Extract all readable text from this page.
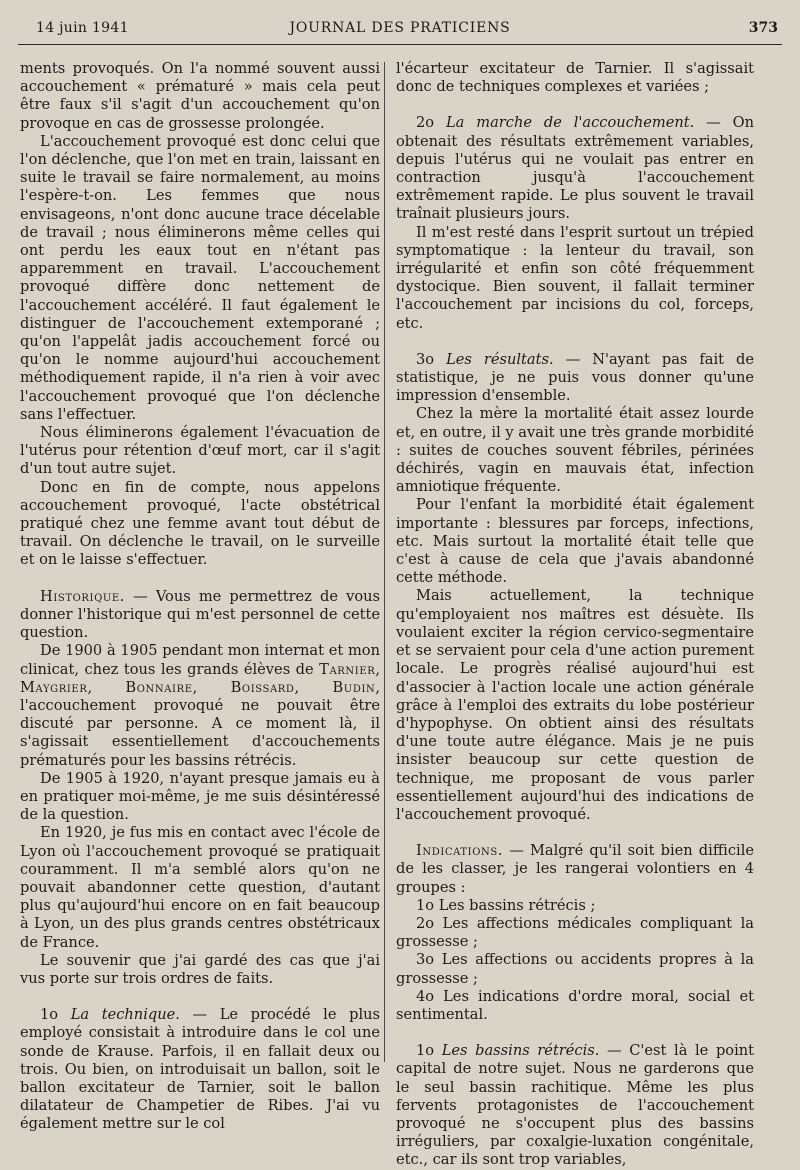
14 juin 1941	JOURNAL DES PRATICIENS	373

ments provoqués. On l'a nommé souvent aussi accouchement « prématuré » mais cela peut être faux s'il s'agit d'un accouchement qu'on provoque en cas de grossesse prolongée.

L'accouchement provoqué est donc celui que l'on déclenche, que l'on met en train, laissant en suite le travail se faire normalement, au moins l'espère-t-on. Les femmes que nous envisageons, n'ont donc aucune trace décelable de travail ; nous éliminerons même celles qui ont perdu les eaux tout en n'étant pas apparemment en travail. L'accouchement provoqué diffère donc nettement de l'accouchement accéléré. Il faut également le distinguer de l'accouchement extemporané ; qu'on l'appelât jadis accouchement forcé ou qu'on le nomme aujourd'hui accouchement méthodiquement rapide, il n'a rien à voir avec l'accouchement provoqué que l'on déclenche sans l'effectuer.

Nous éliminerons également l'évacuation de l'utérus pour rétention d'œuf mort, car il s'agit d'un tout autre sujet.

Donc en fin de compte, nous appelons accouchement provoqué, l'acte obstétrical pratiqué chez une femme avant tout début de travail. On déclenche le travail, on le surveille et on le laisse s'effectuer.

Historique. — Vous me permettrez de vous donner l'historique qui m'est personnel de cette question.

De 1900 à 1905 pendant mon internat et mon clinicat, chez tous les grands élèves de Tarnier, Maygrier, Bonnaire, Boissard, Budin, l'accouchement provoqué ne pouvait être discuté par personne. A ce moment là, il s'agissait essentiellement d'accouchements prématurés pour les bassins rétrécis.

De 1905 à 1920, n'ayant presque jamais eu à en pratiquer moi-même, je me suis désintéressé de la question.

En 1920, je fus mis en contact avec l'école de Lyon où l'accouchement provoqué se pratiquait couramment. Il m'a semblé alors qu'on ne pouvait abandonner cette question, d'autant plus qu'aujourd'hui encore on en fait beaucoup à Lyon, un des plus grands centres obstétricaux de France.

Le souvenir que j'ai gardé des cas que j'ai vus porte sur trois ordres de faits.

1o La technique. — Le procédé le plus employé consistait à introduire dans le col une sonde de Krause. Parfois, il en fallait deux ou trois. Ou bien, on introduisait un ballon, soit le ballon excitateur de Tarnier, soit le ballon dilatateur de Champetier de Ribes. J'ai vu également mettre sur le col

l'écarteur excitateur de Tarnier. Il s'agissait donc de techniques complexes et variées ;

2o La marche de l'accouchement. — On obtenait des résultats extrêmement variables, depuis l'utérus qui ne voulait pas entrer en contraction jusqu'à l'accouchement extrêmement rapide. Le plus souvent le travail traînait plusieurs jours.

Il m'est resté dans l'esprit surtout un trépied symptomatique : la lenteur du travail, son irrégularité et enfin son côté fréquemment dystocique. Bien souvent, il fallait terminer l'accouchement par incisions du col, forceps, etc.

3o Les résultats. — N'ayant pas fait de statistique, je ne puis vous donner qu'une impression d'ensemble.

Chez la mère la mortalité était assez lourde et, en outre, il y avait une très grande morbidité : suites de couches souvent fébriles, périnées déchirés, vagin en mauvais état, infection amniotique fréquente.

Pour l'enfant la morbidité était également importante : blessures par forceps, infections, etc. Mais surtout la mortalité était telle que c'est à cause de cela que j'avais abandonné cette méthode.

Mais actuellement, la technique qu'employaient nos maîtres est désuète. Ils voulaient exciter la région cervico-segmentaire et se servaient pour cela d'une action purement locale. Le progrès réalisé aujourd'hui est d'associer à l'action locale une action générale grâce à l'emploi des extraits du lobe postérieur d'hypophyse. On obtient ainsi des résultats d'une toute autre élégance. Mais je ne puis insister beaucoup sur cette question de technique, me proposant de vous parler essentiellement aujourd'hui des indications de l'accouchement provoqué.

Indications. — Malgré qu'il soit bien difficile de les classer, je les rangerai volontiers en 4 groupes :

1o Les bassins rétrécis ;

2o Les affections médicales compliquant la grossesse ;

3o Les affections ou accidents propres à la grossesse ;

4o Les indications d'ordre moral, social et sentimental.

1o Les bassins rétrécis. — C'est là le point capital de notre sujet. Nous ne garderons que le seul bassin rachitique. Même les plus fervents protagonistes de l'accouchement provoqué ne s'occupent plus des bassins irréguliers, par coxalgie-luxation congénitale, etc., car ils sont trop variables,
